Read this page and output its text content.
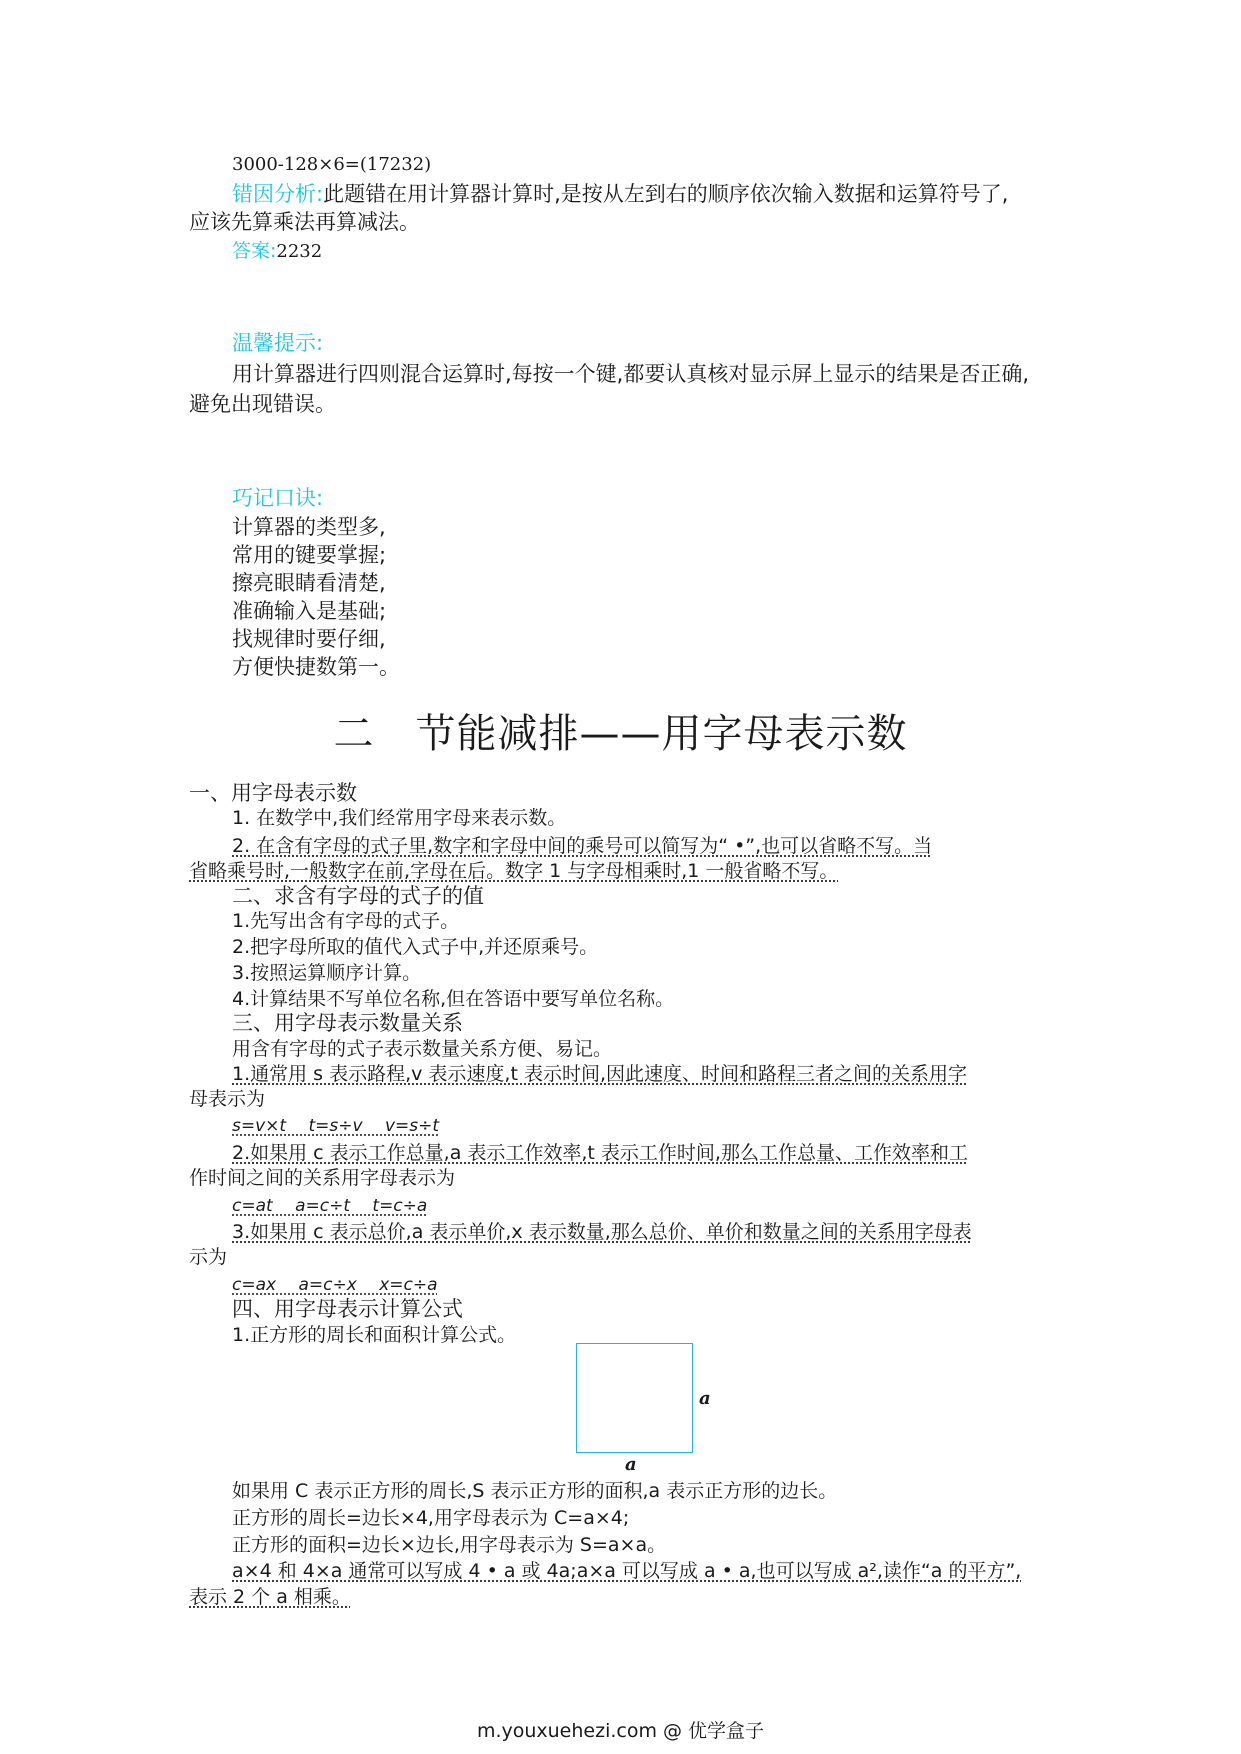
3000-128×6=(17232)
错因分析:此题错在用计算器计算时,是按从左到右的顺序依次输入数据和运算符号了,
应该先算乘法再算减法。
答案:2232
温馨提示:
用计算器进行四则混合运算时,每按一个键,都要认真核对显示屏上显示的结果是否正确,
避免出现错误。
巧记口诀:
计算器的类型多,
常用的键要掌握;
擦亮眼睛看清楚,
准确输入是基础;
找规律时要仔细,
方便快捷数第一。
二　节能减排——用字母表示数
一、用字母表示数
1. 在数学中,我们经常用字母来表示数。
2. 在含有字母的式子里,数字和字母中间的乘号可以简写为“ •”,也可以省略不写。当
省略乘号时,一般数字在前,字母在后。数字 1 与字母相乘时,1 一般省略不写。
二、求含有字母的式子的值
1.先写出含有字母的式子。
2.把字母所取的值代入式子中,并还原乘号。
3.按照运算顺序计算。
4.计算结果不写单位名称,但在答语中要写单位名称。
三、用字母表示数量关系
用含有字母的式子表示数量关系方便、易记。
1.通常用 s 表示路程,v 表示速度,t 表示时间,因此速度、时间和路程三者之间的关系用字
母表示为
s=v×t　 t=s÷v　 v=s÷t
2.如果用 c 表示工作总量,a 表示工作效率,t 表示工作时间,那么工作总量、工作效率和工
作时间之间的关系用字母表示为
c=at　 a=c÷t　 t=c÷a
3.如果用 c 表示总价,a 表示单价,x 表示数量,那么总价、单价和数量之间的关系用字母表
示为
c=ax　 a=c÷x　 x=c÷a
四、用字母表示计算公式
1.正方形的周长和面积计算公式。
a
a
如果用 C 表示正方形的周长,S 表示正方形的面积,a 表示正方形的边长。
正方形的周长=边长×4,用字母表示为 C=a×4;
正方形的面积=边长×边长,用字母表示为 S=a×a。
a×4 和 4×a 通常可以写成 4 • a 或 4a;a×a 可以写成 a • a,也可以写成 a²,读作“a 的平方”,
表示 2 个 a 相乘。
m.youxuehezi.com @ 优学盒子
